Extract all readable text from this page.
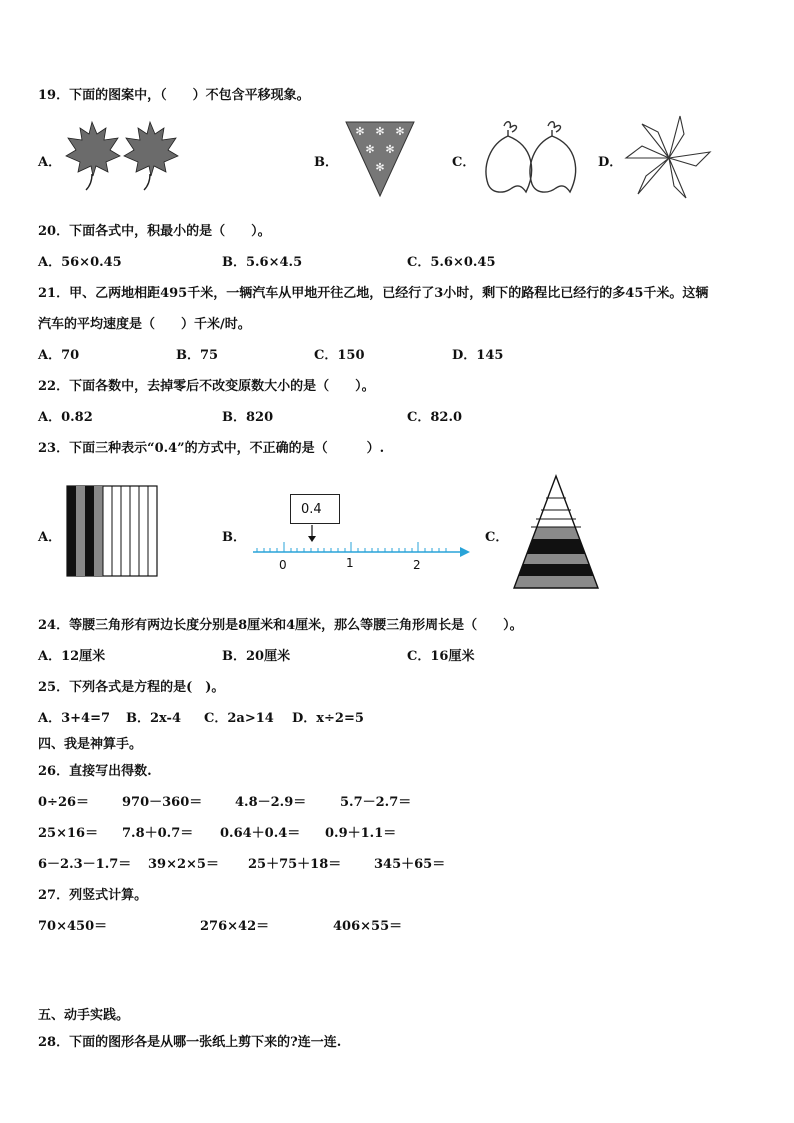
19．下面的图案中，（　　）不包含平移现象。
A．	B．
✻ ✻ ✻
✻ ✻
✻	C．	D．
20．下面各式中，积最小的是（　　）。
A．56×0.45	B．5.6×4.5	C．5.6×0.45
21．甲、乙两地相距495千米，一辆汽车从甲地开往乙地，已经行了3小时，剩下的路程比已经行的多45千米。这辆
汽车的平均速度是（　　）千米/时。
A．70	B．75	C．150	D．145
22．下面各数中，去掉零后不改变原数大小的是（　　）。
A．0.82	B．820	C．82.0
23．下面三种表示“0.4”的方式中，不正确的是（　　　）.
A．	B．
0.4
0	1	2
C．
24．等腰三角形有两边长度分别是8厘米和4厘米，那么等腰三角形周长是（　　）。
A．12厘米	B．20厘米	C．16厘米
25．下列各式是方程的是(　)。
A．3+4=7 B．2x-4 C．2a>14 D．x÷2=5
四、我是神算手。
26．直接写出得数.
0÷26＝	970－360＝	4.8－2.9＝	5.7－2.7＝
25×16＝ 7.8＋0.7＝ 0.64＋0.4＝ 0.9＋1.1＝
6－2.3－1.7＝ 39×2×5＝ 25＋75＋18＝	345＋65＝
27．列竖式计算。
70×450＝	276×42＝	406×55＝
五、动手实践。
28．下面的图形各是从哪一张纸上剪下来的?连一连.
